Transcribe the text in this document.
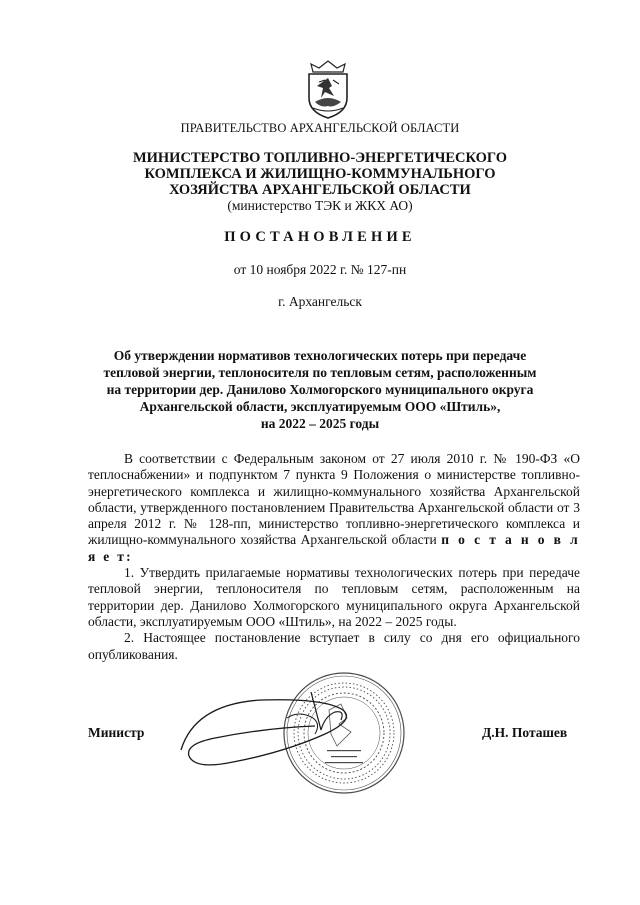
ПРАВИТЕЛЬСТВО АРХАНГЕЛЬСКОЙ ОБЛАСТИ
МИНИСТЕРСТВО ТОПЛИВНО-ЭНЕРГЕТИЧЕСКОГО
КОМПЛЕКСА И ЖИЛИЩНО-КОММУНАЛЬНОГО
ХОЗЯЙСТВА АРХАНГЕЛЬСКОЙ ОБЛАСТИ
(министерство ТЭК и ЖКХ АО)
ПОСТАНОВЛЕНИЕ
от 10 ноября 2022 г. № 127-пн
г. Архангельск
Об утверждении нормативов технологических потерь при передаче
тепловой энергии, теплоносителя по тепловым сетям, расположенным
на территории дер. Данилово Холмогорского муниципального округа
Архангельской области, эксплуатируемым ООО «Штиль»,
на 2022 – 2025 годы

В соответствии с Федеральным законом от 27 июля 2010 г. № 190-ФЗ «О теплоснабжении» и подпунктом 7 пункта 9 Положения о министерстве топливно-энергетического комплекса и жилищно-коммунального хозяйства Архангельской области, утвержденного постановлением Правительства Архангельской области от 3 апреля 2012 г. № 128-пп, министерство топливно-энергетического комплекса и жилищно-коммунального хозяйства Архангельской области п о с т а н о в л я е т:

1. Утвердить прилагаемые нормативы технологических потерь при передаче тепловой энергии, теплоносителя по тепловым сетям, расположенным на территории дер. Данилово Холмогорского муниципального округа Архангельской области, эксплуатируемым ООО «Штиль», на 2022 – 2025 годы.

2. Настоящее постановление вступает в силу со дня его официального опубликования.

Министр	Д.Н. Поташев
